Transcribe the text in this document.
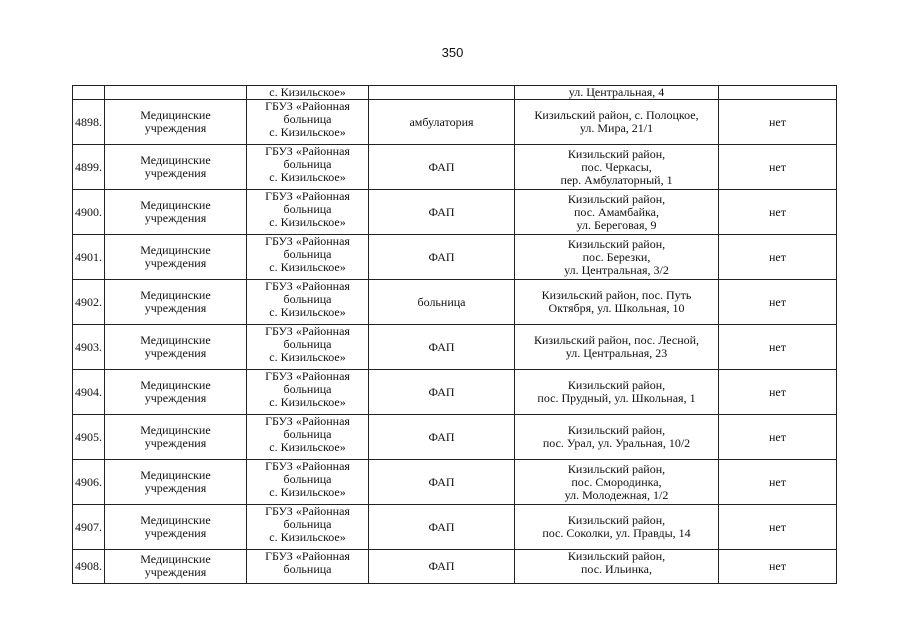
350

		с. Кизильское»		ул. Центральная, 4	

4898.	Медицинские
учреждения	ГБУЗ «Районная
больница
с. Кизильское»	амбулатория	Кизильский район, с. Полоцкое,
ул. Мира, 21/1	нет
4899.	Медицинские
учреждения	ГБУЗ «Районная
больница
с. Кизильское»	ФАП	Кизильский район,
пос. Черкасы,
пер. Амбулаторный, 1	нет
4900.	Медицинские
учреждения	ГБУЗ «Районная
больница
с. Кизильское»	ФАП	Кизильский район,
пос. Амамбайка,
ул. Береговая, 9	нет
4901.	Медицинские
учреждения	ГБУЗ «Районная
больница
с. Кизильское»	ФАП	Кизильский район,
пос. Березки,
ул. Центральная, 3/2	нет
4902.	Медицинские
учреждения	ГБУЗ «Районная
больница
с. Кизильское»	больница	Кизильский район, пос. Путь
Октября, ул. Школьная, 10	нет
4903.	Медицинские
учреждения	ГБУЗ «Районная
больница
с. Кизильское»	ФАП	Кизильский район, пос. Лесной,
ул. Центральная, 23	нет
4904.	Медицинские
учреждения	ГБУЗ «Районная
больница
с. Кизильское»	ФАП	Кизильский район,
пос. Прудный, ул. Школьная, 1	нет
4905.	Медицинские
учреждения	ГБУЗ «Районная
больница
с. Кизильское»	ФАП	Кизильский район,
пос. Урал, ул. Уральная, 10/2	нет
4906.	Медицинские
учреждения	ГБУЗ «Районная
больница
с. Кизильское»	ФАП	Кизильский район,
пос. Смородинка,
ул. Молодежная, 1/2	нет
4907.	Медицинские
учреждения	ГБУЗ «Районная
больница
с. Кизильское»	ФАП	Кизильский район,
пос. Соколки, ул. Правды, 14	нет
4908.	Медицинские
учреждения	ГБУЗ «Районная
больница	ФАП	Кизильский район,
пос. Ильинка,	нет
